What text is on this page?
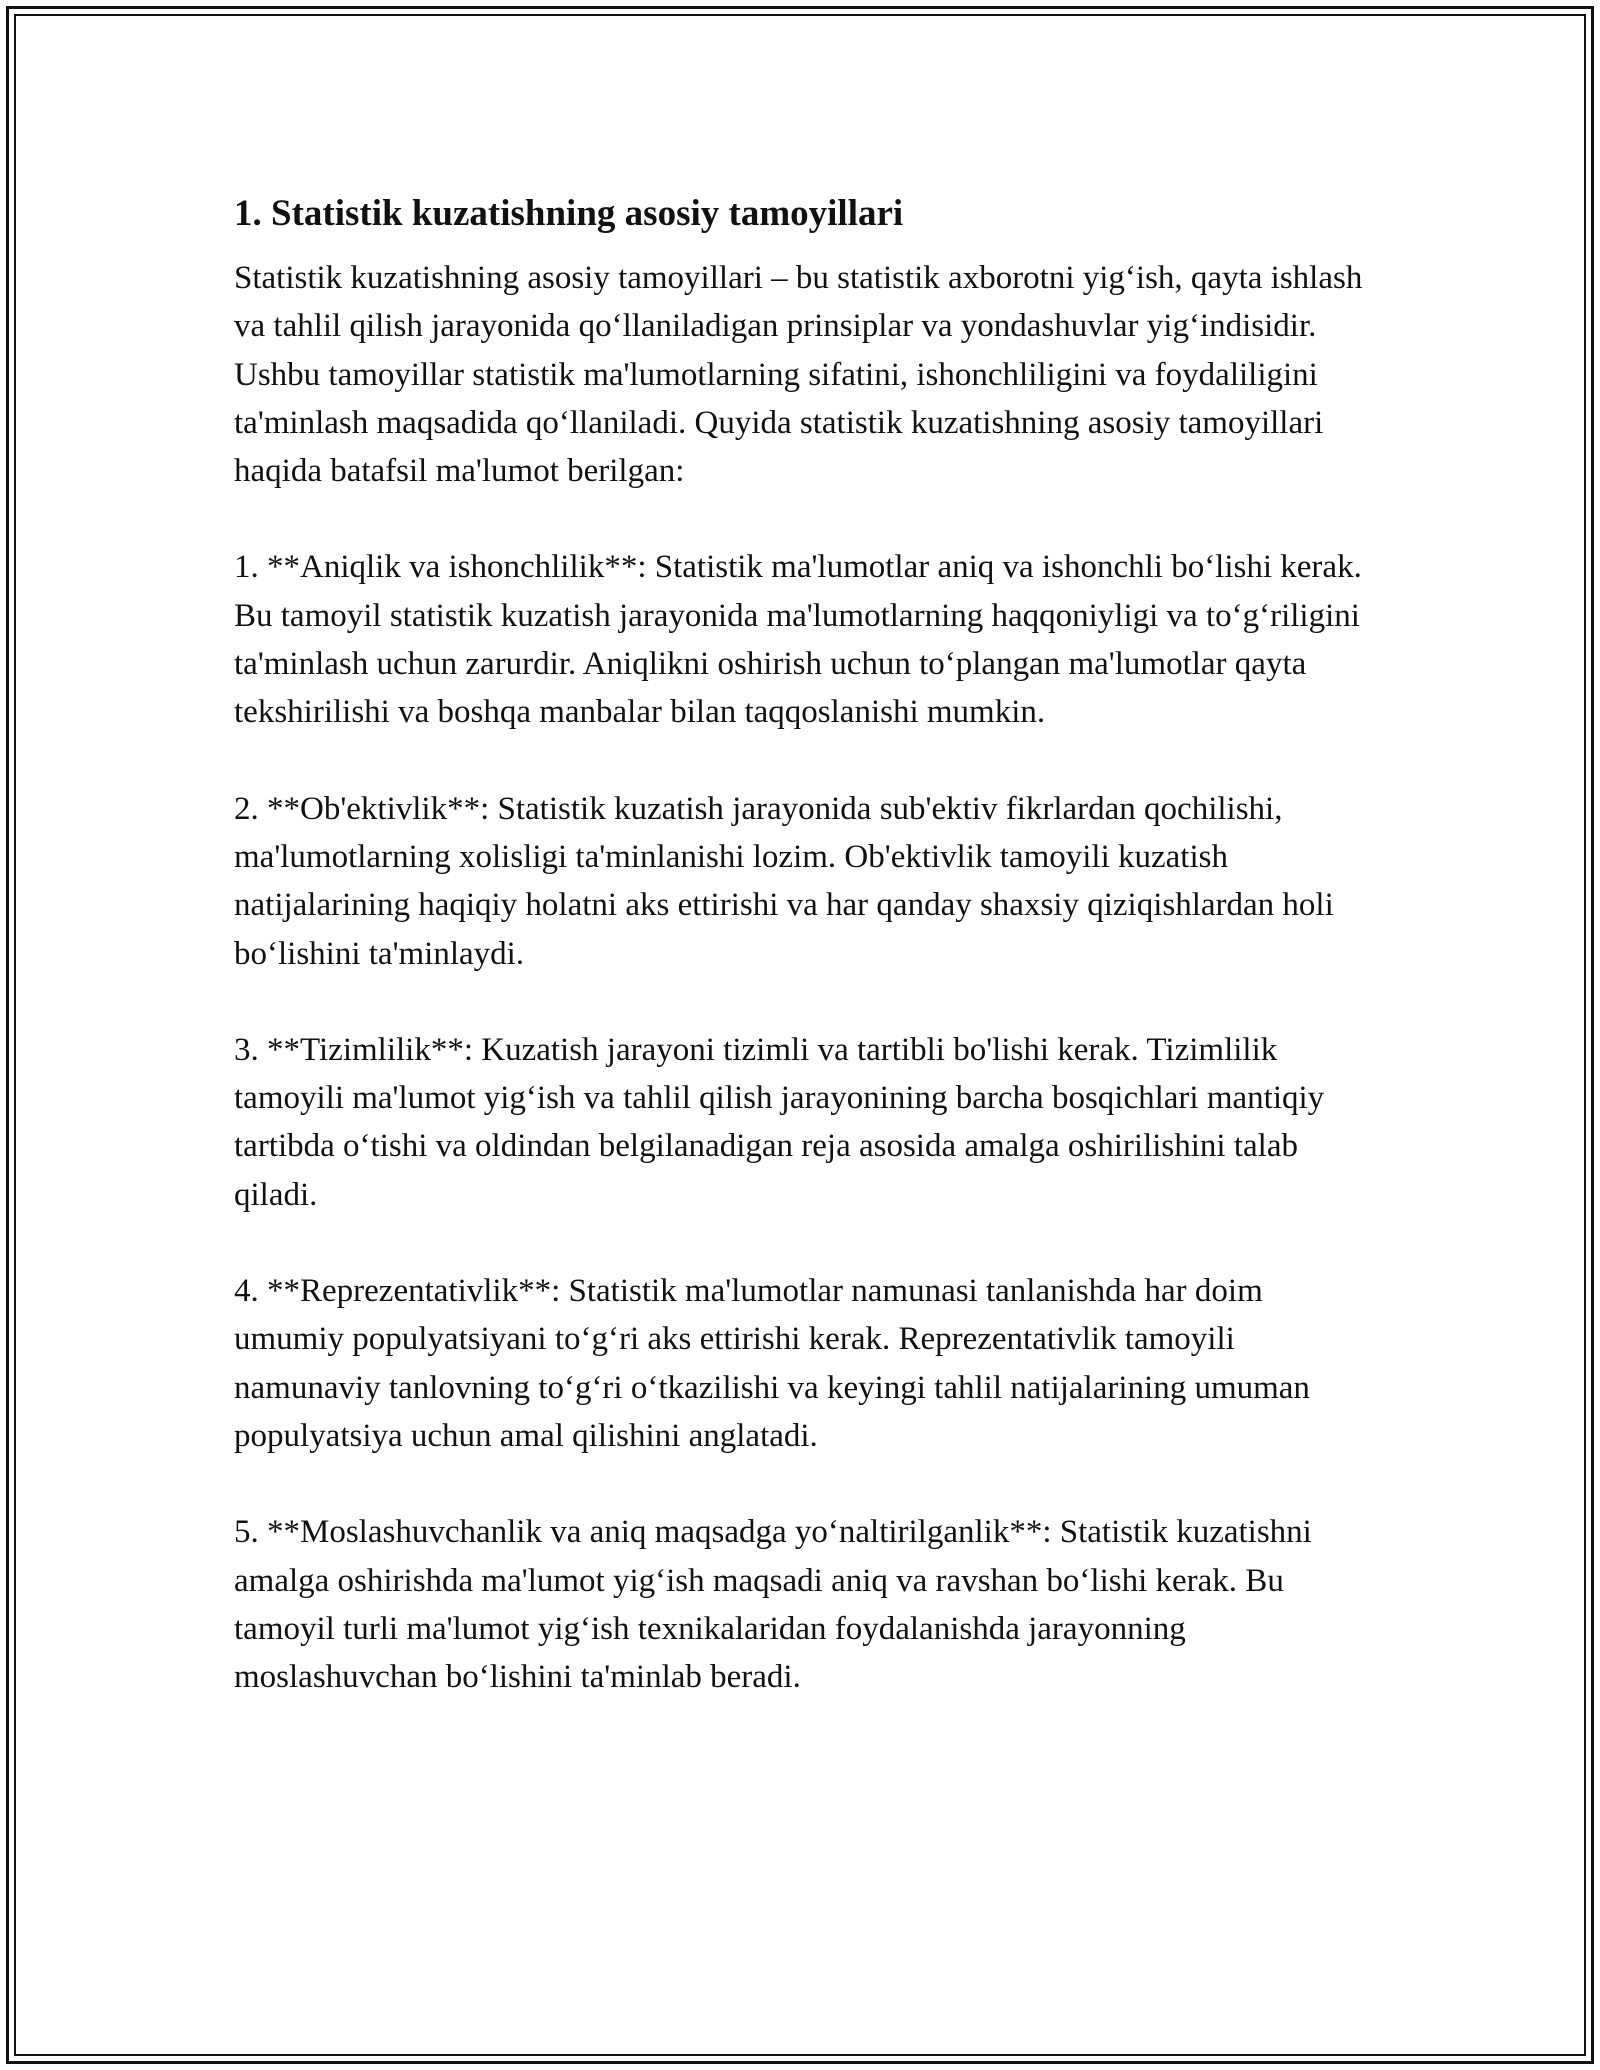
1. Statistik kuzatishning asosiy tamoyillari

Statistik kuzatishning asosiy tamoyillari – bu statistik axborotni yig‘ish, qayta ishlash va tahlil qilish jarayonida qo‘llaniladigan prinsiplar va yondashuvlar yig‘indisidir. Ushbu tamoyillar statistik ma'lumotlarning sifatini, ishonchliligini va foydaliligini ta'minlash maqsadida qo‘llaniladi. Quyida statistik kuzatishning asosiy tamoyillari haqida batafsil ma'lumot berilgan:

1. **Aniqlik va ishonchlilik**: Statistik ma'lumotlar aniq va ishonchli bo‘lishi kerak. Bu tamoyil statistik kuzatish jarayonida ma'lumotlarning haqqoniyligi va to‘g‘riligini ta'minlash uchun zarurdir. Aniqlikni oshirish uchun to‘plangan ma'lumotlar qayta tekshirilishi va boshqa manbalar bilan taqqoslanishi mumkin.

2. **Ob'ektivlik**: Statistik kuzatish jarayonida sub'ektiv fikrlardan qochilishi, ma'lumotlarning xolisligi ta'minlanishi lozim. Ob'ektivlik tamoyili kuzatish natijalarining haqiqiy holatni aks ettirishi va har qanday shaxsiy qiziqishlardan holi bo‘lishini ta'minlaydi.

3. **Tizimlilik**: Kuzatish jarayoni tizimli va tartibli bo'lishi kerak. Tizimlilik tamoyili ma'lumot yig‘ish va tahlil qilish jarayonining barcha bosqichlari mantiqiy tartibda o‘tishi va oldindan belgilanadigan reja asosida amalga oshirilishini talab qiladi.

4. **Reprezentativlik**: Statistik ma'lumotlar namunasi tanlanishda har doim umumiy populyatsiyani to‘g‘ri aks ettirishi kerak. Reprezentativlik tamoyili namunaviy tanlovning to‘g‘ri o‘tkazilishi va keyingi tahlil natijalarining umuman populyatsiya uchun amal qilishini anglatadi.

5. **Moslashuvchanlik va aniq maqsadga yo‘naltirilganlik**: Statistik kuzatishni amalga oshirishda ma'lumot yig‘ish maqsadi aniq va ravshan bo‘lishi kerak. Bu tamoyil turli ma'lumot yig‘ish texnikalaridan foydalanishda jarayonning moslashuvchan bo‘lishini ta'minlab beradi.
